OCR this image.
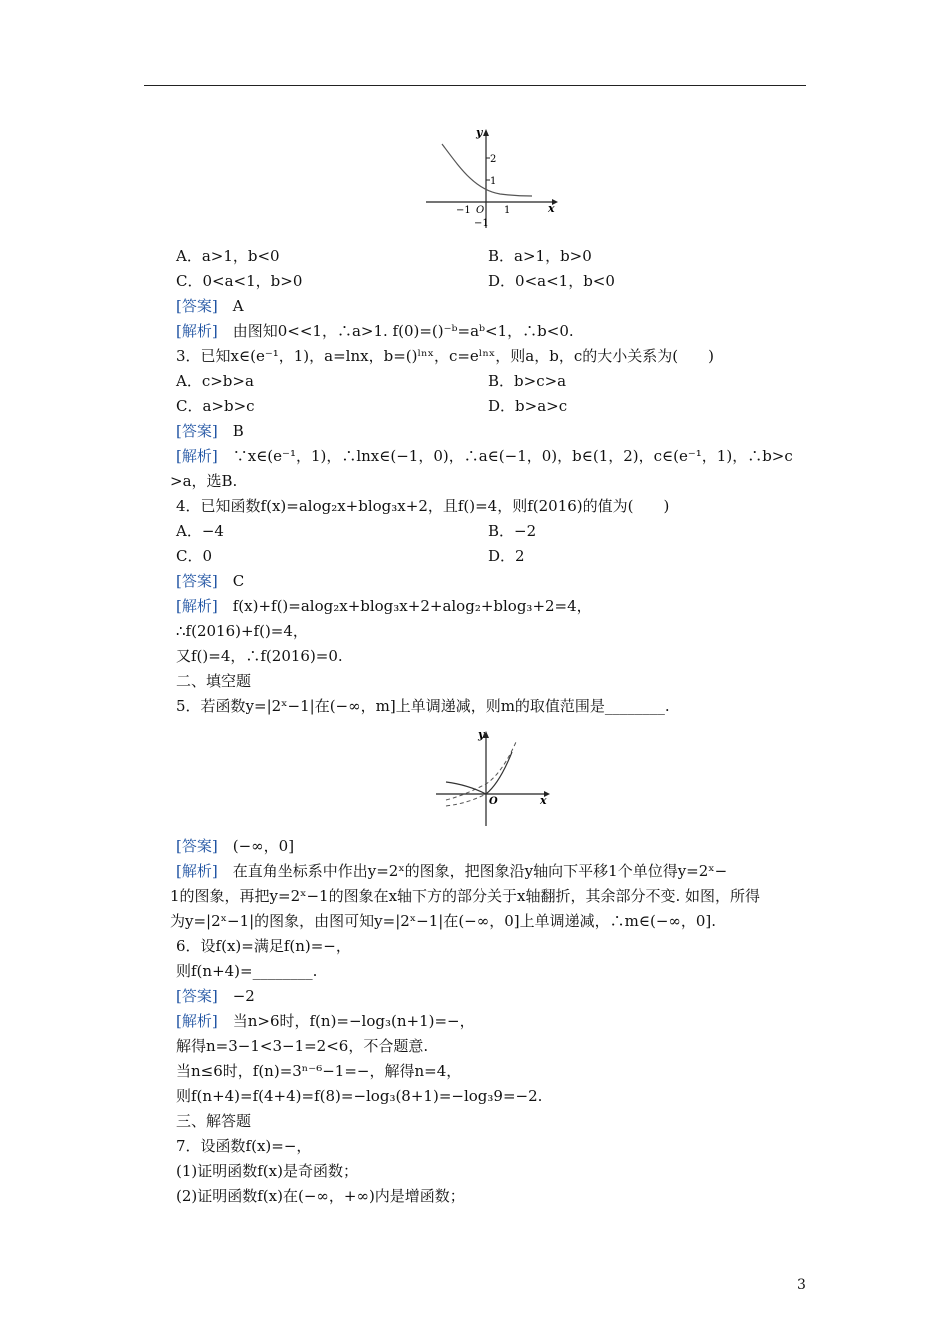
y
x
2
1
−1 O 1
−1
A．a>1，b<0	B．a>1，b>0
C．0<a<1，b>0	D．0<a<1，b<0
[答案]　 A
[解析]　 由图知0<<1，∴a>1. f(0)=()⁻ᵇ=aᵇ<1，∴b<0.
3．已知x∈(e⁻¹，1)，a=lnx，b=()ˡⁿˣ，c=eˡⁿˣ，则a，b，c的大小关系为(　　)
A．c>b>a	B．b>c>a
C．a>b>c	D．b>a>c
[答案]　 B
[解析]　 ∵x∈(e⁻¹，1)，∴lnx∈(−1，0)，∴a∈(−1，0)，b∈(1，2)，c∈(e⁻¹，1)，∴b>c
>a，选B.
4．已知函数f(x)=alog₂x+blog₃x+2，且f()=4，则f(2016)的值为(　　)
A．−4	B．−2
C．0	D．2
[答案]　 C
[解析]　 f(x)+f()=alog₂x+blog₃x+2+alog₂+blog₃+2=4，
∴f(2016)+f()=4，
又f()=4，∴f(2016)=0.
二、填空题
5．若函数y=|2ˣ−1|在(−∞，m]上单调递减，则m的取值范围是________.
y
x
O
[答案]　 (−∞，0]
[解析]　 在直角坐标系中作出y=2ˣ的图象，把图象沿y轴向下平移1个单位得y=2ˣ−
1的图象，再把y=2ˣ−1的图象在x轴下方的部分关于x轴翻折，其余部分不变. 如图，所得
为y=|2ˣ−1|的图象，由图可知y=|2ˣ−1|在(−∞，0]上单调递减，∴m∈(−∞，0].
6．设f(x)=满足f(n)=−，
则f(n+4)=________.
[答案]　 −2
[解析]　 当n>6时，f(n)=−log₃(n+1)=−，
解得n=3−1<3−1=2<6，不合题意.
当n≤6时，f(n)=3ⁿ⁻⁶−1=−，解得n=4，
则f(n+4)=f(4+4)=f(8)=−log₃(8+1)=−log₃9=−2.
三、解答题
7．设函数f(x)=−，
(1)证明函数f(x)是奇函数；
(2)证明函数f(x)在(−∞，+∞)内是增函数；
3
